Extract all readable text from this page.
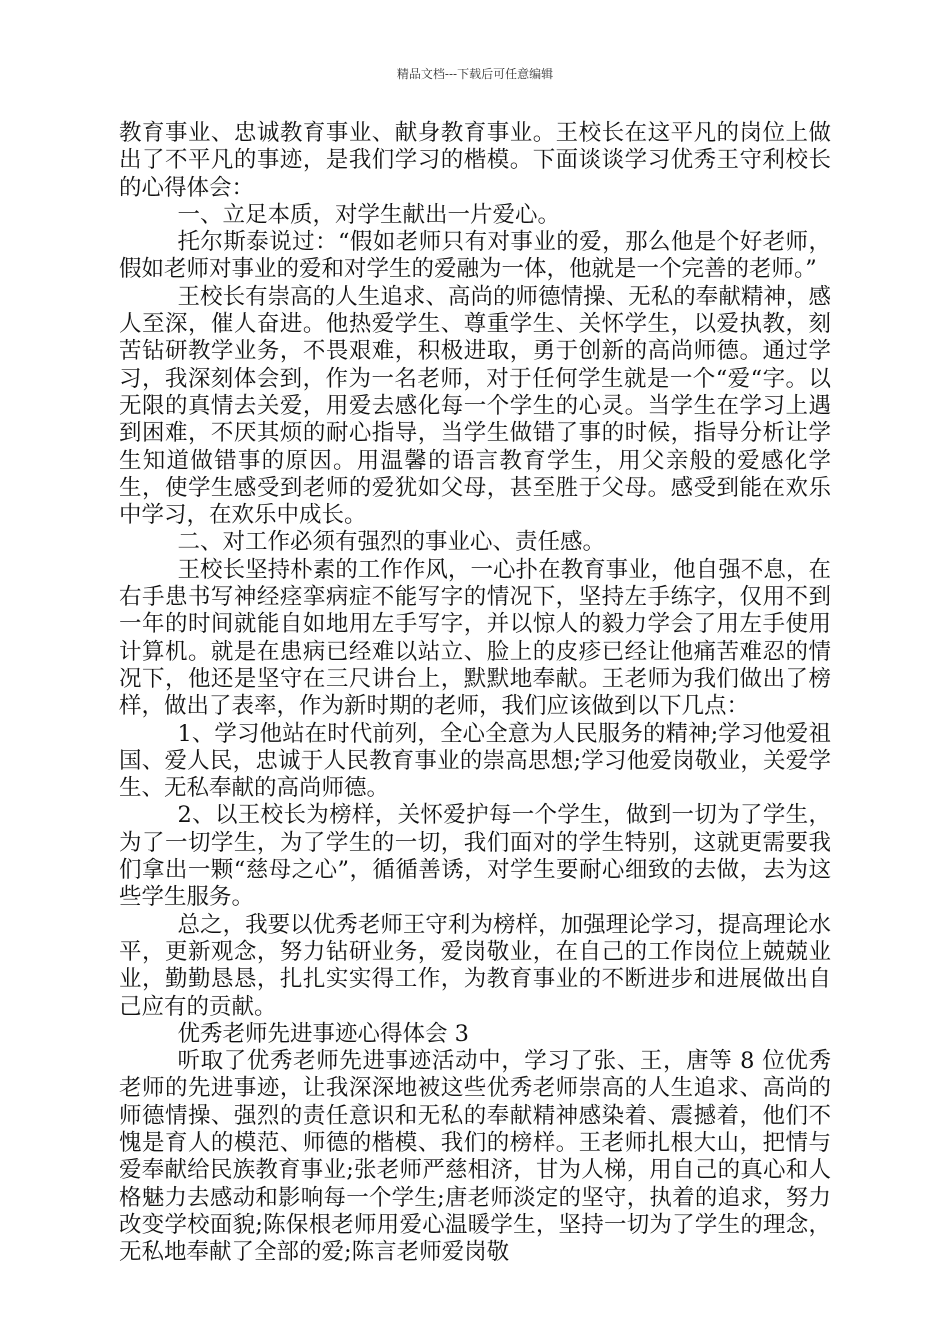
精品文档---下载后可任意编辑

教育事业、忠诚教育事业、献身教育事业。王校长在这平凡的岗位上做出了不平凡的事迹，是我们学习的楷模。下面谈谈学习优秀王守利校长的心得体会：

一、立足本质，对学生献出一片爱心。

托尔斯泰说过：“假如老师只有对事业的爱，那么他是个好老师，假如老师对事业的爱和对学生的爱融为一体，他就是一个完善的老师。”

王校长有崇高的人生追求、高尚的师德情操、无私的奉献精神，感人至深，催人奋进。他热爱学生、尊重学生、关怀学生，以爱执教，刻苦钻研教学业务，不畏艰难，积极进取，勇于创新的高尚师德。通过学习，我深刻体会到，作为一名老师，对于任何学生就是一个“爱“字。以无限的真情去关爱，用爱去感化每一个学生的心灵。当学生在学习上遇到困难，不厌其烦的耐心指导，当学生做错了事的时候，指导分析让学生知道做错事的原因。用温馨的语言教育学生，用父亲般的爱感化学生，使学生感受到老师的爱犹如父母，甚至胜于父母。感受到能在欢乐中学习，在欢乐中成长。

二、对工作必须有强烈的事业心、责任感。

王校长坚持朴素的工作作风，一心扑在教育事业，他自强不息，在右手患书写神经痉挛病症不能写字的情况下，坚持左手练字，仅用不到一年的时间就能自如地用左手写字，并以惊人的毅力学会了用左手使用计算机。就是在患病已经难以站立、脸上的皮疹已经让他痛苦难忍的情况下，他还是坚守在三尺讲台上，默默地奉献。王老师为我们做出了榜样，做出了表率，作为新时期的老师，我们应该做到以下几点：

1、学习他站在时代前列，全心全意为人民服务的精神;学习他爱祖国、爱人民，忠诚于人民教育事业的崇高思想;学习他爱岗敬业，关爱学生、无私奉献的高尚师德。

2、以王校长为榜样，关怀爱护每一个学生，做到一切为了学生，为了一切学生，为了学生的一切，我们面对的学生特别，这就更需要我们拿出一颗“慈母之心”，循循善诱，对学生要耐心细致的去做，去为这些学生服务。

总之，我要以优秀老师王守利为榜样，加强理论学习，提高理论水平，更新观念，努力钻研业务，爱岗敬业，在自己的工作岗位上兢兢业业，勤勤恳恳，扎扎实实得工作，为教育事业的不断进步和进展做出自己应有的贡献。

优秀老师先进事迹心得体会 3

听取了优秀老师先进事迹活动中，学习了张、王，唐等 8 位优秀老师的先进事迹，让我深深地被这些优秀老师崇高的人生追求、高尚的师德情操、强烈的责任意识和无私的奉献精神感染着、震撼着，他们不愧是育人的模范、师德的楷模、我们的榜样。王老师扎根大山，把情与爱奉献给民族教育事业;张老师严慈相济，甘为人梯，用自己的真心和人格魅力去感动和影响每一个学生;唐老师淡定的坚守，执着的追求，努力改变学校面貌;陈保根老师用爱心温暖学生，坚持一切为了学生的理念，无私地奉献了全部的爱;陈言老师爱岗敬
